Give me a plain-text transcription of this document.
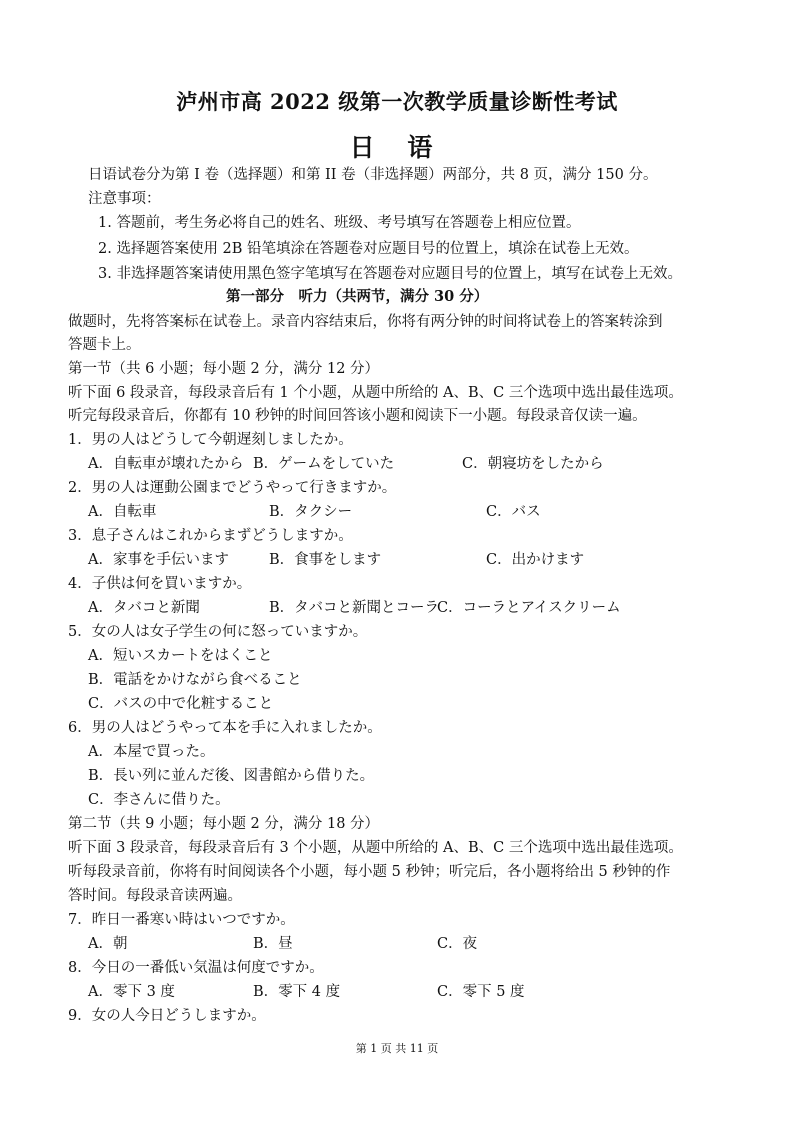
泸州市高 2022 级第一次教学质量诊断性考试
日 语
日语试卷分为第 I 卷（选择题）和第 II 卷（非选择题）两部分，共 8 页，满分 150 分。
注意事项：
1. 答题前，考生务必将自己的姓名、班级、考号填写在答题卷上相应位置。
2. 选择题答案使用 2B 铅笔填涂在答题卷对应题目号的位置上，填涂在试卷上无效。
3. 非选择题答案请使用黑色签字笔填写在答题卷对应题目号的位置上，填写在试卷上无效。
第一部分　听力（共两节，满分 30 分）
做题时，先将答案标在试卷上。录音内容结束后，你将有两分钟的时间将试卷上的答案转涂到
答题卡上。
第一节（共 6 小题；每小题 2 分，满分 12 分）
听下面 6 段录音，每段录音后有 1 个小题，从题中所给的 A、B、C 三个选项中选出最佳选项。
听完每段录音后，你都有 10 秒钟的时间回答该小题和阅读下一小题。每段录音仅读一遍。
1．男の人はどうして今朝遅刻しましたか。
A．自転車が壊れたから B．ゲームをしていた	C．朝寝坊をしたから
2．男の人は運動公園までどうやって行きますか。
A．自転車	B．タクシー	C．バス
3．息子さんはこれからまずどうしますか。
A．家事を手伝います	B．食事をします	C．出かけます
4．子供は何を買いますか。
A．タバコと新聞	B．タバコと新聞とコーラ
C．コーラとアイスクリーム
5．女の人は女子学生の何に怒っていますか。
A．短いスカートをはくこと
B．電話をかけながら食べること
C．バスの中で化粧すること
6．男の人はどうやって本を手に入れましたか。
A．本屋で買った。
B．長い列に並んだ後、図書館から借りた。
C．李さんに借りた。
第二节（共 9 小题；每小题 2 分，满分 18 分）
听下面 3 段录音，每段录音后有 3 个小题，从题中所给的 A、B、C 三个选项中选出最佳选项。
听每段录音前，你将有时间阅读各个小题，每小题 5 秒钟；听完后，各小题将给出 5 秒钟的作
答时间。每段录音读两遍。
7．昨日一番寒い時はいつですか。
A．朝	B．昼	C．夜
8．今日の一番低い気温は何度ですか。
A．零下 3 度	B．零下 4 度	C．零下 5 度
9．女の人今日どうしますか。
第 1 页 共 11 页
